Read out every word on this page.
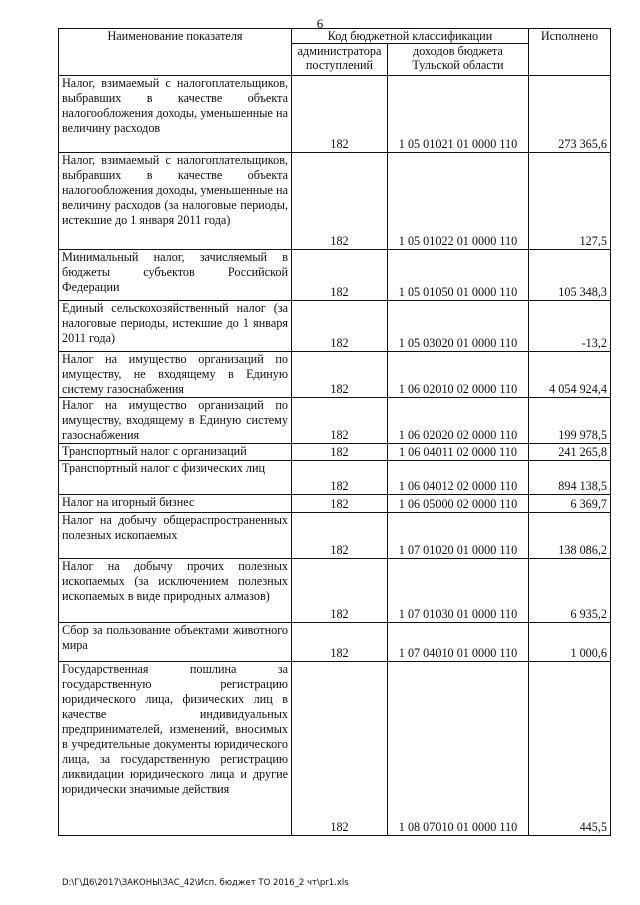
6
Наименование показателя	Код бюджетной классификации		Исполнено
	администратора поступлений	доходов бюджета Тульской области	
Налог, взимаемый с налогоплательщиков, выбравших в качестве объекта налогообложения доходы, уменьшенные на величину расходов	182	1 05 01021 01 0000 110	273 365,6
Налог, взимаемый с налогоплательщиков, выбравших в качестве объекта налогообложения доходы, уменьшенные на величину расходов (за налоговые периоды, истекшие до 1 января 2011 года)	182	1 05 01022 01 0000 110	127,5
Минимальный налог, зачисляемый в бюджеты субъектов Российской Федерации	182	1 05 01050 01 0000 110	105 348,3
Единый сельскохозяйственный налог (за налоговые периоды, истекшие до 1 января 2011 года)	182	1 05 03020 01 0000 110	-13,2
Налог на имущество организаций по имуществу, не входящему в Единую систему газоснабжения	182	1 06 02010 02 0000 110	4 054 924,4
Налог на имущество организаций по имуществу, входящему в Единую систему газоснабжения	182	1 06 02020 02 0000 110	199 978,5
Транспортный налог с организаций	182	1 06 04011 02 0000 110	241 265,8
Транспортный налог с физических лиц	182	1 06 04012 02 0000 110	894 138,5
Налог на игорный бизнес	182	1 06 05000 02 0000 110	6 369,7
Налог на добычу общераспространенных полезных ископаемых	182	1 07 01020 01 0000 110	138 086,2
Налог на добычу прочих полезных ископаемых (за исключением полезных ископаемых в виде природных алмазов)	182	1 07 01030 01 0000 110	6 935,2
Сбор за пользование объектами животного мира	182	1 07 04010 01 0000 110	1 000,6
Государственная пошлина за государственную регистрацию юридического лица, физических лиц в качестве индивидуальных предпринимателей, изменений, вносимых в учредительные документы юридического лица, за государственную регистрацию ликвидации юридического лица и другие юридически значимые действия	182	1 08 07010 01 0000 110	445,5
D:\Г\Д6\2017\ЗАКОНЫ\ЗАС_42\Исп. бюджет ТО 2016_2 чт\pr1.xls
